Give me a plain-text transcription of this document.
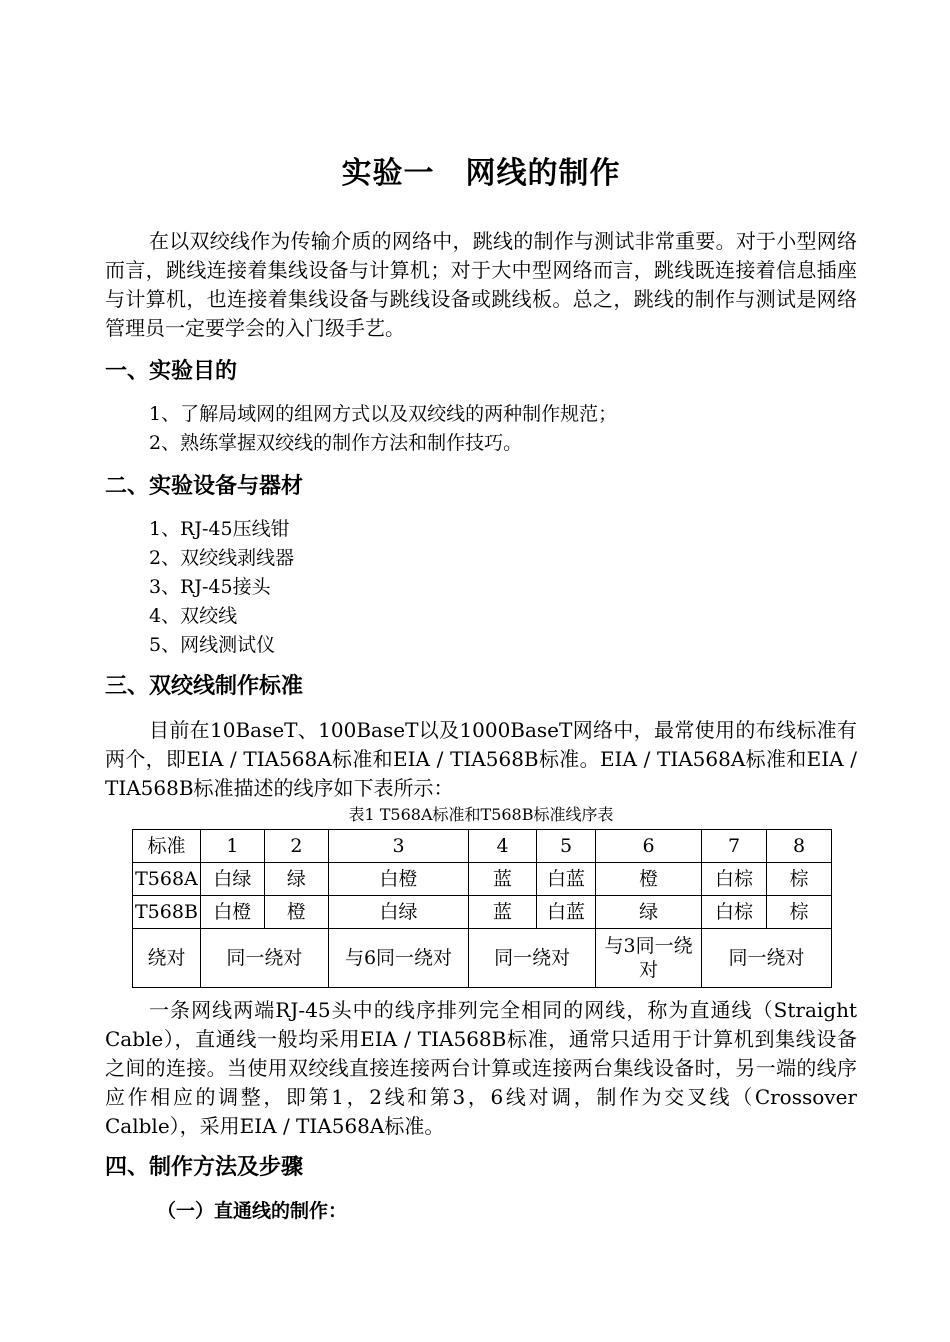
实验一　网线的制作

在以双绞线作为传输介质的网络中，跳线的制作与测试非常重要。对于小型网络而言，跳线连接着集线设备与计算机；对于大中型网络而言，跳线既连接着信息插座与计算机，也连接着集线设备与跳线设备或跳线板。总之，跳线的制作与测试是网络管理员一定要学会的入门级手艺。

一、实验目的
1、了解局域网的组网方式以及双绞线的两种制作规范；
2、熟练掌握双绞线的制作方法和制作技巧。
二、实验设备与器材
1、RJ-45压线钳
2、双绞线剥线器
3、RJ-45接头
4、双绞线
5、网线测试仪
三、双绞线制作标准

目前在10BaseT、100BaseT以及1000BaseT网络中，最常使用的布线标准有两个，即EIA / TIA568A标准和EIA / TIA568B标准。EIA / TIA568A标准和EIA / TIA568B标准描述的线序如下表所示：

表1 T568A标准和T568B标准线序表
标准	1	2	3	4	5	6	7	8
T568A	白绿	绿	白橙	蓝	白蓝	橙	白棕	棕
T568B	白橙	橙	白绿	蓝	白蓝	绿	白棕	棕
绕对	同一绕对		与6同一绕对	同一绕对		与3同一绕对	同一绕对	

一条网线两端RJ-45头中的线序排列完全相同的网线，称为直通线（Straight Cable），直通线一般均采用EIA / TIA568B标准，通常只适用于计算机到集线设备之间的连接。当使用双绞线直接连接两台计算或连接两台集线设备时，另一端的线序应作相应的调整，即第1，2线和第3，6线对调，制作为交叉线（Crossover Calble），采用EIA / TIA568A标准。

四、制作方法及步骤
（一）直通线的制作：
